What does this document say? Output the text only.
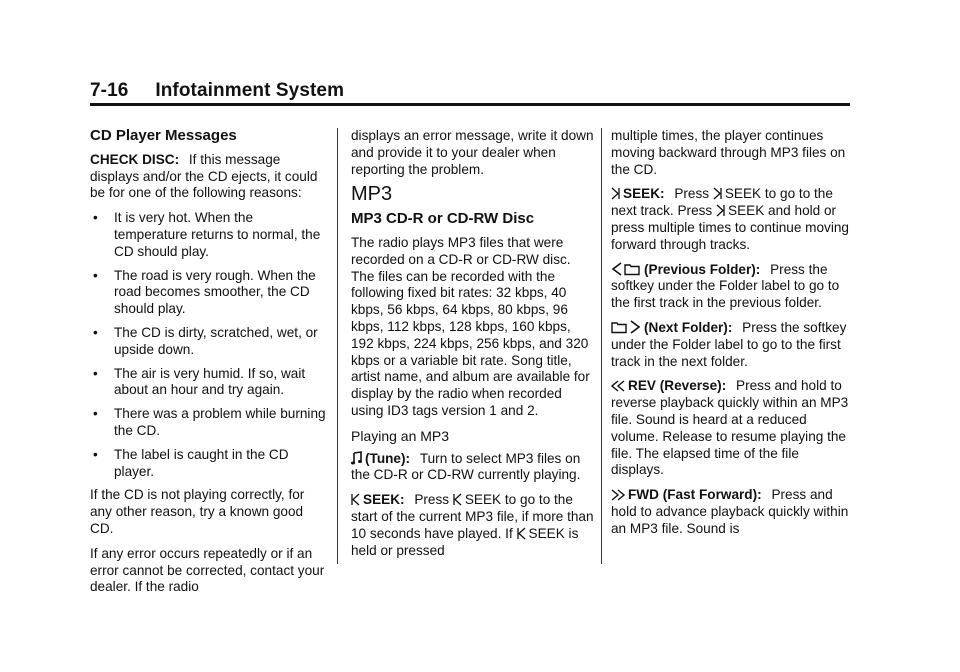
7-16     Infotainment System
CD Player Messages

CHECK DISC: If this message displays and/or the CD ejects, it could be for one of the following reasons:

• It is very hot. When the temperature returns to normal, the CD should play.
• The road is very rough. When the road becomes smoother, the CD should play.
• The CD is dirty, scratched, wet, or upside down.
• The air is very humid. If so, wait about an hour and try again.
• There was a problem while burning the CD.
• The label is caught in the CD player.

If the CD is not playing correctly, for any other reason, try a known good CD.

If any error occurs repeatedly or if an error cannot be corrected, contact your dealer. If the radio

displays an error message, write it down and provide it to your dealer when reporting the problem.

MP3
MP3 CD-R or CD-RW Disc

The radio plays MP3 files that were recorded on a CD-R or CD-RW disc. The files can be recorded with the following fixed bit rates: 32 kbps, 40 kbps, 56 kbps, 64 kbps, 80 kbps, 96 kbps, 112 kbps, 128 kbps, 160 kbps, 192 kbps, 224 kbps, 256 kbps, and 320 kbps or a variable bit rate. Song title, artist name, and album are available for display by the radio when recorded using ID3 tags version 1 and 2.

Playing an MP3

(Tune): Turn to select MP3 files on the CD-R or CD-RW currently playing.

SEEK: Press SEEK to go to the start of the current MP3 file, if more than 10 seconds have played. If SEEK is held or pressed

multiple times, the player continues moving backward through MP3 files on the CD.

SEEK: Press SEEK to go to the next track. Press SEEK and hold or press multiple times to continue moving forward through tracks.

(Previous Folder): Press the softkey under the Folder label to go to the first track in the previous folder.

(Next Folder): Press the softkey under the Folder label to go to the first track in the next folder.

REV (Reverse): Press and hold to reverse playback quickly within an MP3 file. Sound is heard at a reduced volume. Release to resume playing the file. The elapsed time of the file displays.

FWD (Fast Forward): Press and hold to advance playback quickly within an MP3 file. Sound is
